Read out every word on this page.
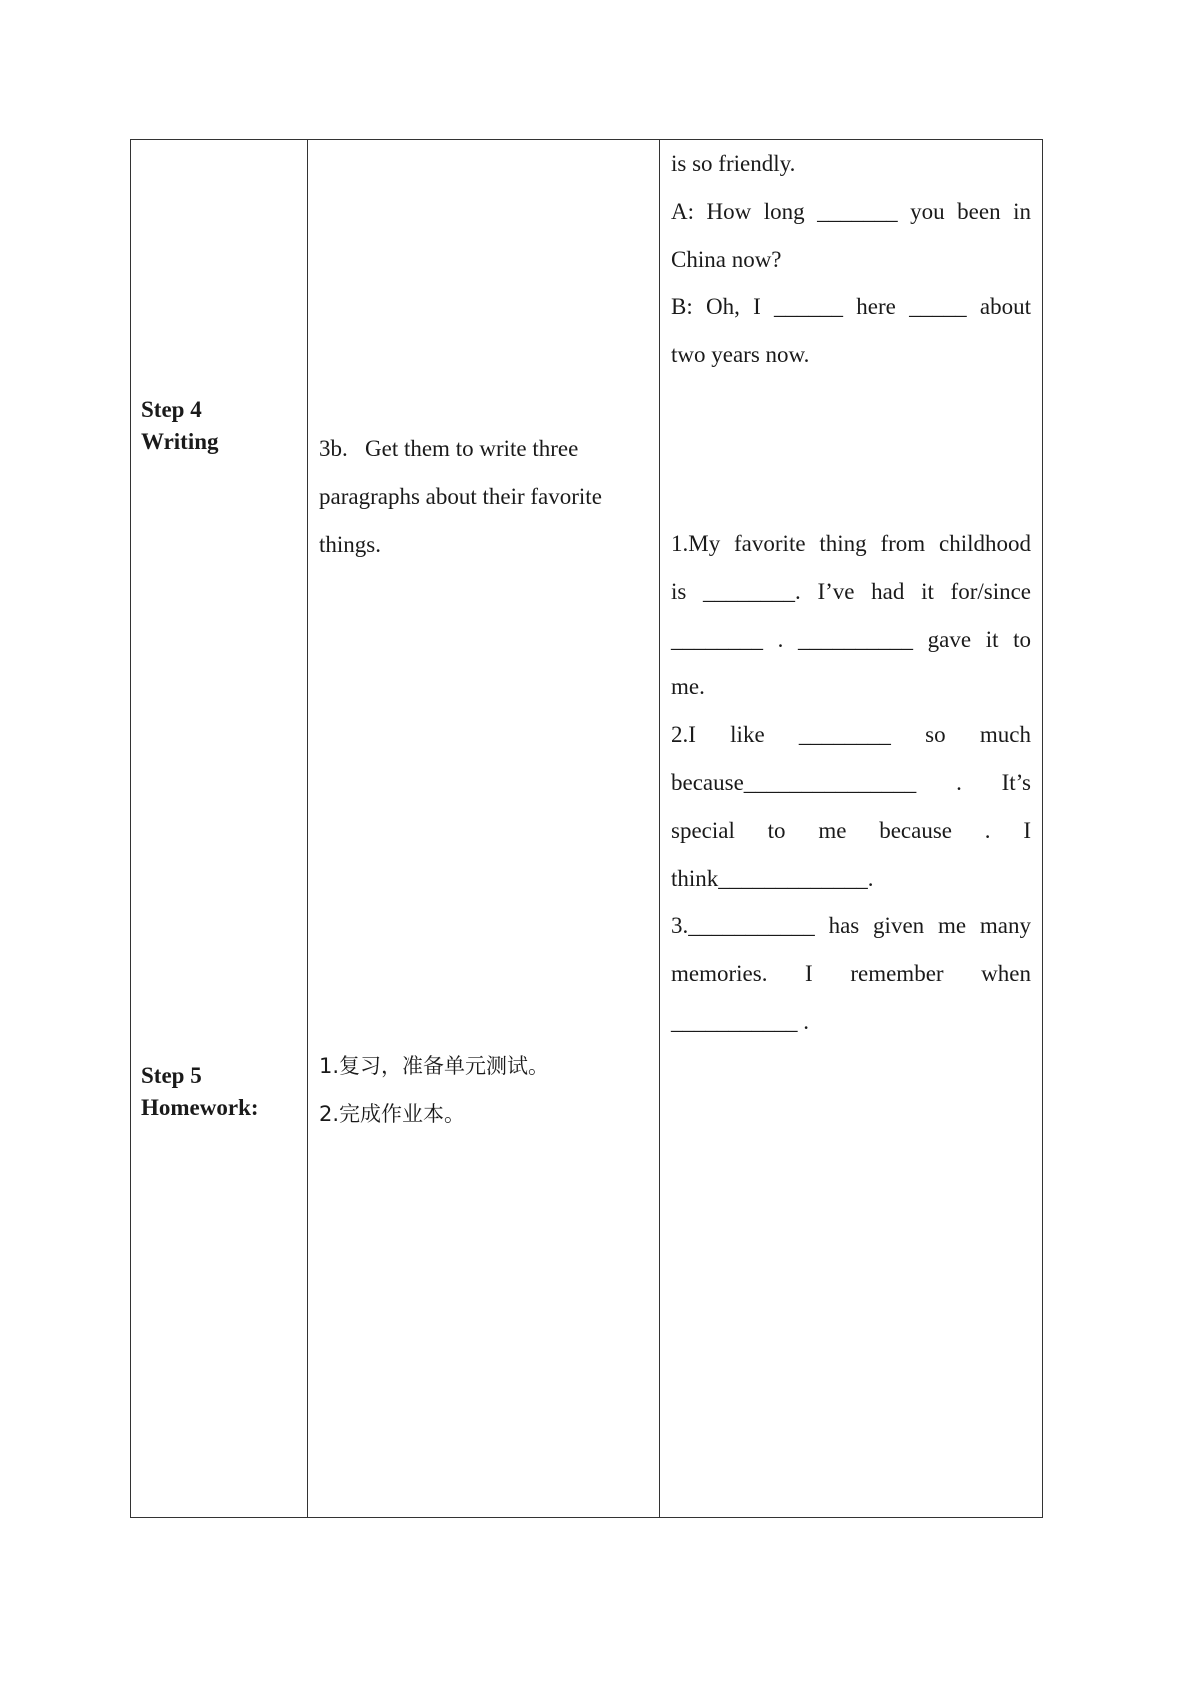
Step 4
Writing
Step 5
Homework:
3b.   Get them to write three
paragraphs about their favorite
things.
1.复习，准备单元测试。
2.完成作业本。
is so friendly.
A: How long _______ you been in
China now?
B: Oh, I ______ here _____ about
two years now.
1.My favorite thing from childhood
is ________. I’ve had it for/since
________ . __________ gave it to
me.
2.I like ________ so much
because_______________ . It’s
special to me because . I
think_____________.
3.___________ has given me many
memories. I remember when
___________ .
